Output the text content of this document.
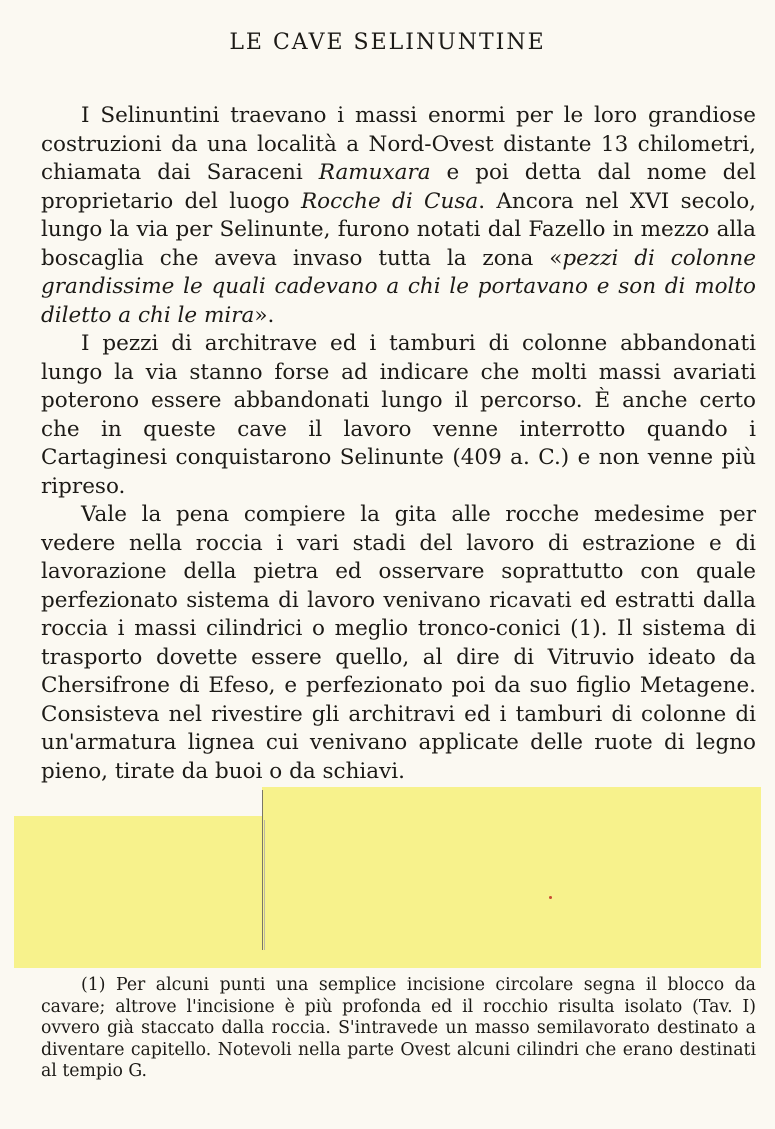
LE CAVE SELINUNTINE

I Selinuntini traevano i massi enormi per le loro grandiose costruzioni da una località a Nord-Ovest distante 13 chilometri, chiamata dai Saraceni Ramuxara e poi detta dal nome del proprietario del luogo Rocche di Cusa. Ancora nel XVI secolo, lungo la via per Selinunte, furono notati dal Fazello in mezzo alla boscaglia che aveva invaso tutta la zona «pezzi di colonne grandissime le quali cadevano a chi le portavano e son di molto diletto a chi le mira».

I pezzi di architrave ed i tamburi di colonne abbandonati lungo la via stanno forse ad indicare che molti massi avariati poterono essere abbandonati lungo il percorso. È anche certo che in queste cave il lavoro venne interrotto quando i Cartaginesi conquistarono Selinunte (409 a. C.) e non venne più ripreso.

Vale la pena compiere la gita alle rocche medesime per vedere nella roccia i vari stadi del lavoro di estrazione e di lavorazione della pietra ed osservare soprattutto con quale perfezionato sistema di lavoro venivano ricavati ed estratti dalla roccia i massi cilindrici o meglio tronco-conici (1). Il sistema di trasporto dovette essere quello, al dire di Vitruvio ideato da Chersifrone di Efeso, e perfezionato poi da suo figlio Metagene. Consisteva nel rivestire gli architravi ed i tamburi di colonne di un'armatura lignea cui venivano applicate delle ruote di legno pieno, tirate da buoi o da schiavi.

(1) Per alcuni punti una semplice incisione circolare segna il blocco da cavare; altrove l'incisione è più profonda ed il rocchio risulta isolato (Tav. I) ovvero già staccato dalla roccia. S'intravede un masso semilavorato destinato a diventare capitello. Notevoli nella parte Ovest alcuni cilindri che erano destinati al tempio G.
